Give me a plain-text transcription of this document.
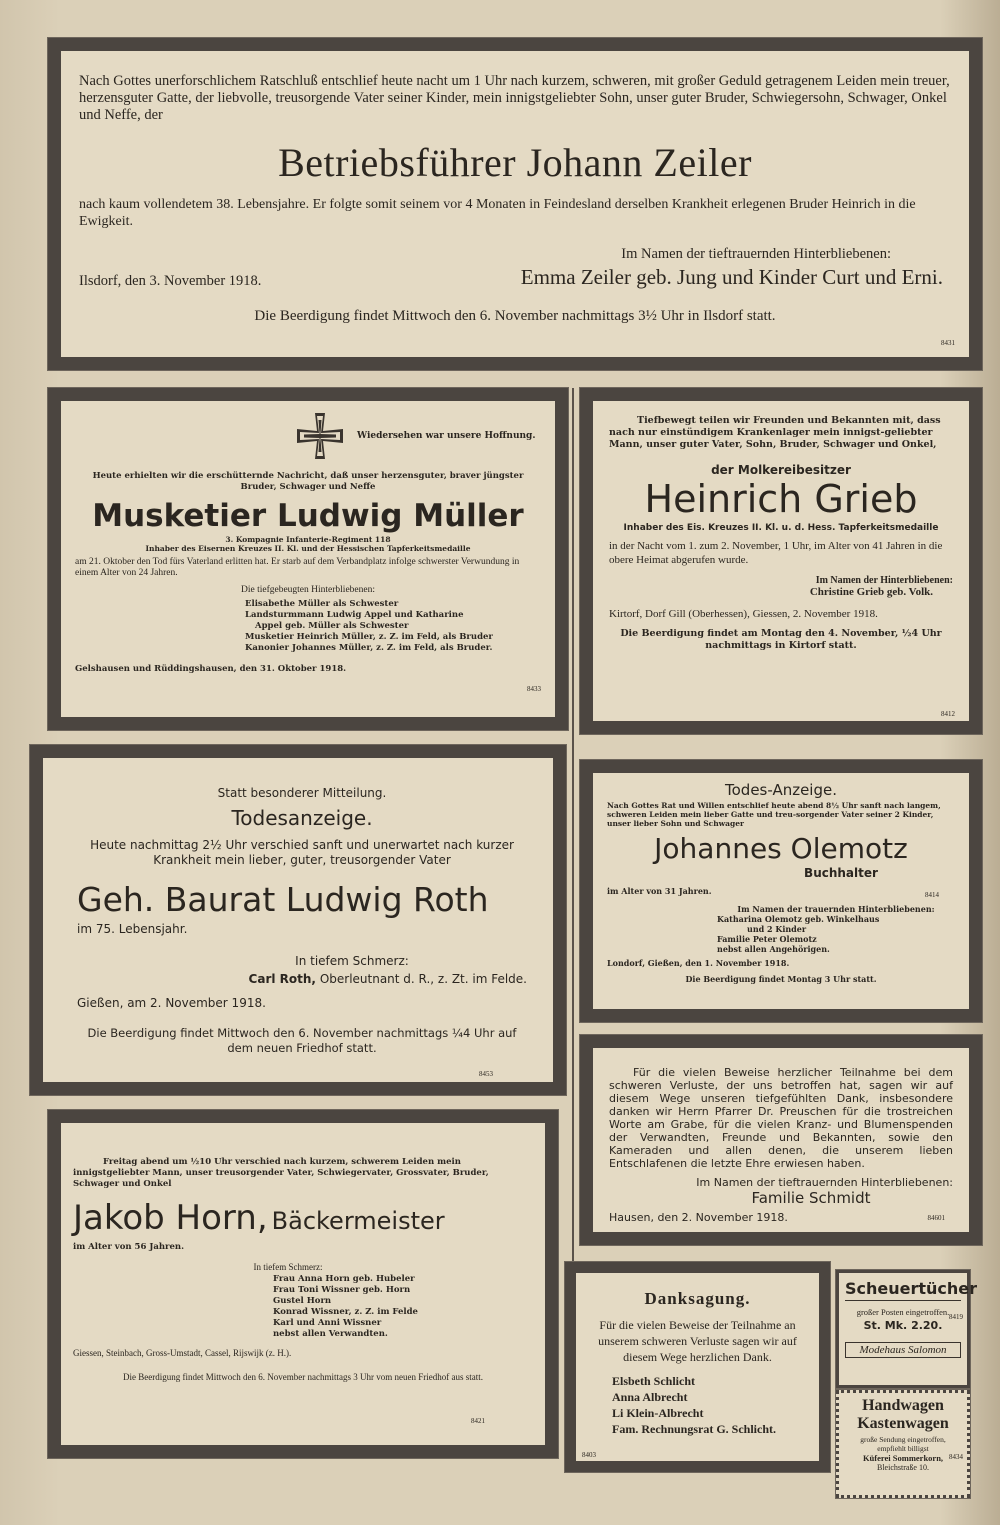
Nach Gottes unerforschlichem Ratschluß entschlief heute nacht um 1 Uhr nach kurzem, schweren, mit großer Geduld getragenem Leiden mein treuer, herzensguter Gatte, der liebvolle, treusorgende Vater seiner Kinder, mein innigstgeliebter Sohn, unser guter Bruder, Schwiegersohn, Schwager, Onkel und Neffe, der

Betriebsführer Johann Zeiler

nach kaum vollendetem 38. Lebensjahre. Er folgte somit seinem vor 4 Monaten in Feindesland derselben Krankheit erlegenen Bruder Heinrich in die Ewigkeit.

Im Namen der tieftrauernden Hinterbliebenen:

Ilsdorf, den 3. November 1918.	Emma Zeiler geb. Jung und Kinder Curt und Erni.

Die Beerdigung findet Mittwoch den 6. November nachmittags 3½ Uhr in Ilsdorf statt.

8431

Wiedersehen war unsere Hoffnung.

Heute erhielten wir die erschütternde Nachricht, daß unser herzensguter, braver jüngster Bruder, Schwager und Neffe

Musketier Ludwig Müller

3. Kompagnie Infanterie-Regiment 118

Inhaber des Eisernen Kreuzes II. Kl. und der Hessischen Tapferkeitsmedaille

am 21. Oktober den Tod fürs Vaterland erlitten hat. Er starb auf dem Verbandplatz infolge schwerster Verwundung in einem Alter von 24 Jahren.

Die tiefgebeugten Hinterbliebenen:

Elisabethe Müller als Schwester

Landsturmmann Ludwig Appel und Katharine

Appel geb. Müller als Schwester

Musketier Heinrich Müller, z. Z. im Feld, als Bruder

Kanonier Johannes Müller, z. Z. im Feld, als Bruder.

Gelshausen und Rüddingshausen, den 31. Oktober 1918.

8433

Tiefbewegt teilen wir Freunden und Bekannten mit, dass nach nur einstündigem Krankenlager mein innigst-geliebter Mann, unser guter Vater, Sohn, Bruder, Schwager und Onkel,

der Molkereibesitzer

Heinrich Grieb

Inhaber des Eis. Kreuzes II. Kl. u. d. Hess. Tapferkeitsmedaille

in der Nacht vom 1. zum 2. November, 1 Uhr, im Alter von 41 Jahren in die obere Heimat abgerufen wurde.

Im Namen der Hinterbliebenen:

Christine Grieb geb. Volk.

Kirtorf, Dorf Gill (Oberhessen), Giessen, 2. November 1918.

Die Beerdigung findet am Montag den 4. November, ½4 Uhr nachmittags in Kirtorf statt.

8412

Statt besonderer Mitteilung.

Todesanzeige.

Heute nachmittag 2½ Uhr verschied sanft und unerwartet nach kurzer Krankheit mein lieber, guter, treusorgender Vater

Geh. Baurat Ludwig Roth

im 75. Lebensjahr.

In tiefem Schmerz:

Carl Roth, Oberleutnant d. R., z. Zt. im Felde.

Gießen, am 2. November 1918.

Die Beerdigung findet Mittwoch den 6. November nachmittags ¼4 Uhr auf dem neuen Friedhof statt.

8453

Todes-Anzeige.

Nach Gottes Rat und Willen entschlief heute abend 8½ Uhr sanft nach langem, schweren Leiden mein lieber Gatte und treu-sorgender Vater seiner 2 Kinder, unser lieber Sohn und Schwager

Johannes Olemotz

Buchhalter

im Alter von 31 Jahren.

Im Namen der trauernden Hinterbliebenen:

Katharina Olemotz geb. Winkelhaus

und 2 Kinder

Familie Peter Olemotz

nebst allen Angehörigen.

Londorf, Gießen, den 1. November 1918.

Die Beerdigung findet Montag 3 Uhr statt.

8414

Für die vielen Beweise herzlicher Teilnahme bei dem schweren Verluste, der uns betroffen hat, sagen wir auf diesem Wege unseren tiefgefühlten Dank, insbesondere danken wir Herrn Pfarrer Dr. Preuschen für die trostreichen Worte am Grabe, für die vielen Kranz- und Blumenspenden der Verwandten, Freunde und Bekannten, sowie den Kameraden und allen denen, die unserem lieben Entschlafenen die letzte Ehre erwiesen haben.

Im Namen der tieftrauernden Hinterbliebenen:

Familie Schmidt

Hausen, den 2. November 1918.	84601

Freitag abend um ½10 Uhr verschied nach kurzem, schwerem Leiden mein innigstgeliebter Mann, unser treusorgender Vater, Schwiegervater, Grossvater, Bruder, Schwager und Onkel

Jakob Horn, Bäckermeister

im Alter von 56 Jahren.

In tiefem Schmerz:

Frau Anna Horn geb. Hubeler

Frau Toni Wissner geb. Horn

Gustel Horn

Konrad Wissner, z. Z. im Felde

Karl und Anni Wissner

nebst allen Verwandten.

Giessen, Steinbach, Gross-Umstadt, Cassel, Rijswijk (z. H.).

Die Beerdigung findet Mittwoch den 6. November nachmittags 3 Uhr vom neuen Friedhof aus statt.

8421

Danksagung.

Für die vielen Beweise der Teilnahme an unserem schweren Verluste sagen wir auf diesem Wege herzlichen Dank.

Elsbeth Schlicht

Anna Albrecht

Li Klein-Albrecht

Fam. Rechnungsrat G. Schlicht.

8403

Scheuertücher

großer Posten eingetroffen.

St. Mk. 2.20.

Modehaus Salomon

8419

Handwagen

Kastenwagen

große Sendung eingetroffen,

empfiehlt billigst

Küferei Sommerkorn,

Bleichstraße 10.

8434
